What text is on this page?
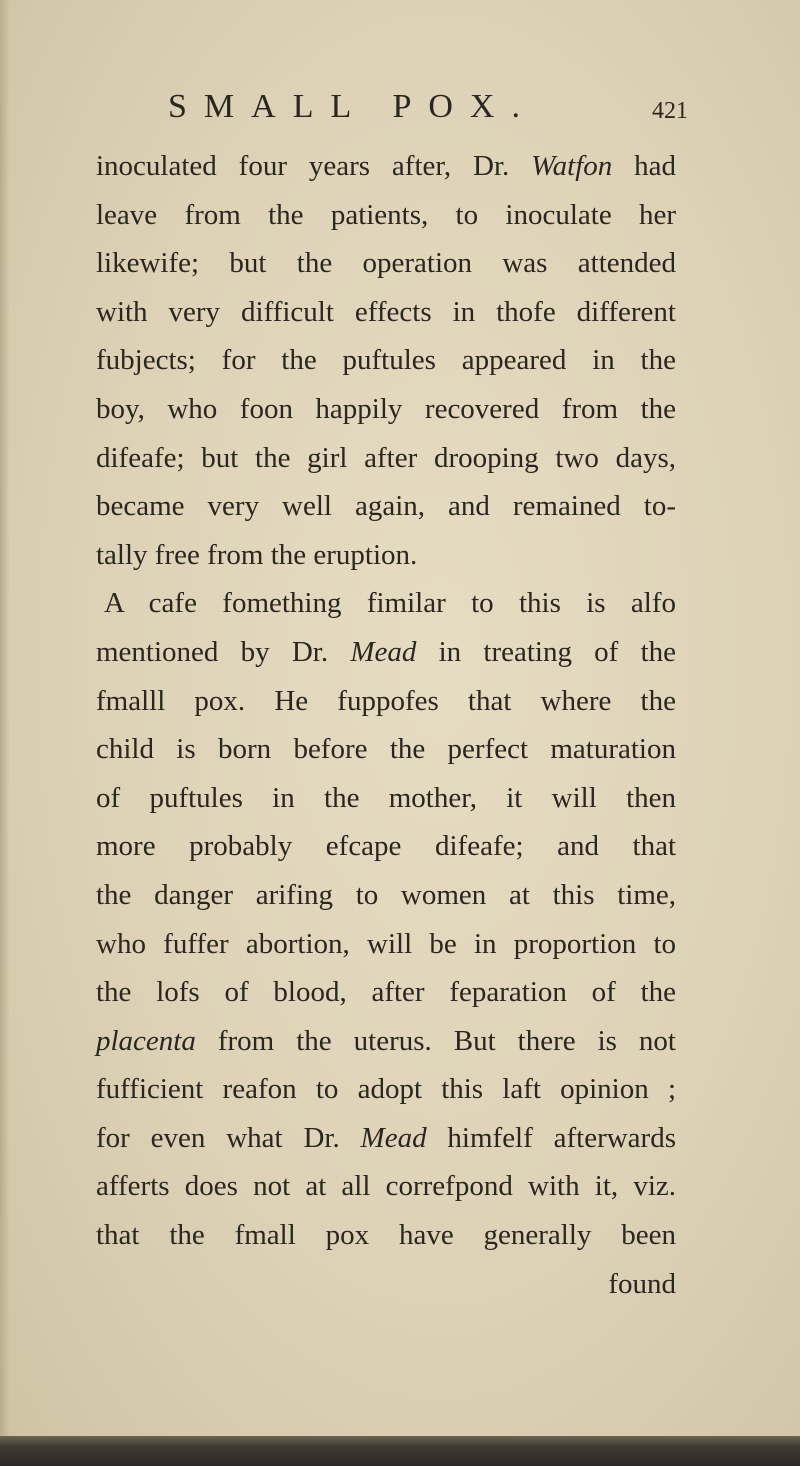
SMALL POX.	421
inoculated four years after, Dr. Watfon had
leave from the patients, to inoculate her
likewife; but the operation was attended
with very difficult effects in thofe different
fubjects; for the puftules appeared in the
boy, who foon happily recovered from the
difeafe; but the girl after drooping two days,
became very well again, and remained to-
tally free from the eruption.
A cafe fomething fimilar to this is alfo
mentioned by Dr. Mead in treating of the
fmalll pox. He fuppofes that where the
child is born before the perfect maturation
of puftules in the mother, it will then
more probably efcape difeafe; and that
the danger arifing to women at this time,
who fuffer abortion, will be in proportion to
the lofs of blood, after feparation of the
placenta from the uterus. But there is not
fufficient reafon to adopt this laft opinion ;
for even what Dr. Mead himfelf afterwards
afferts does not at all correfpond with it, viz.
that the fmall pox have generally been
found
